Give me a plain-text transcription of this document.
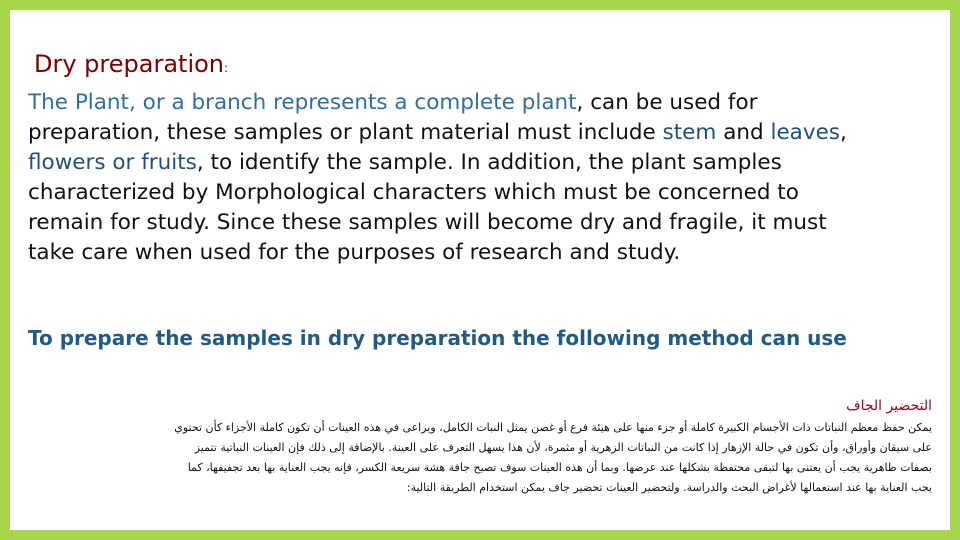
Dry preparation:
The Plant, or a branch represents a complete plant, can be used for
preparation, these samples or plant material must include stem and leaves,
flowers or fruits, to identify the sample. In addition, the plant samples
characterized by Morphological characters which must be concerned to
remain for study. Since these samples will become dry and fragile, it must
take care when used for the purposes of research and study.
To prepare the samples in dry preparation the following method can use
التحضير الجاف
يمكن حفظ معظم النباتات ذات الأجسام الكبيرة كاملة أو جزء منها على هيئة فرع أو غصن يمثل النبات الكامل، ويراعى في هذه العينات أن تكون كاملة الأجزاء كأن تحتوي
على سيقان وأوراق، وأن تكون في حالة الإزهار إذا كانت من النباتات الزهرية أو مثمرة، لأن هذا يسهل التعرف على العينة. بالإضافة إلى ذلك فإن العينات النباتية تتميز
بصفات ظاهرية يجب أن يعتنى بها لتبقى محتفظة بشكلها عند عرضها. وبما أن هذه العينات سوف تصبح جافة هشة سريعة الكسر، فإنه يجب العناية بها بعد تجفيفها، كما
يجب العناية بها عند استعمالها لأغراض البحث والدراسة. ولتحضير العينات تحضير جاف يمكن استخدام الطريقة التالية:
